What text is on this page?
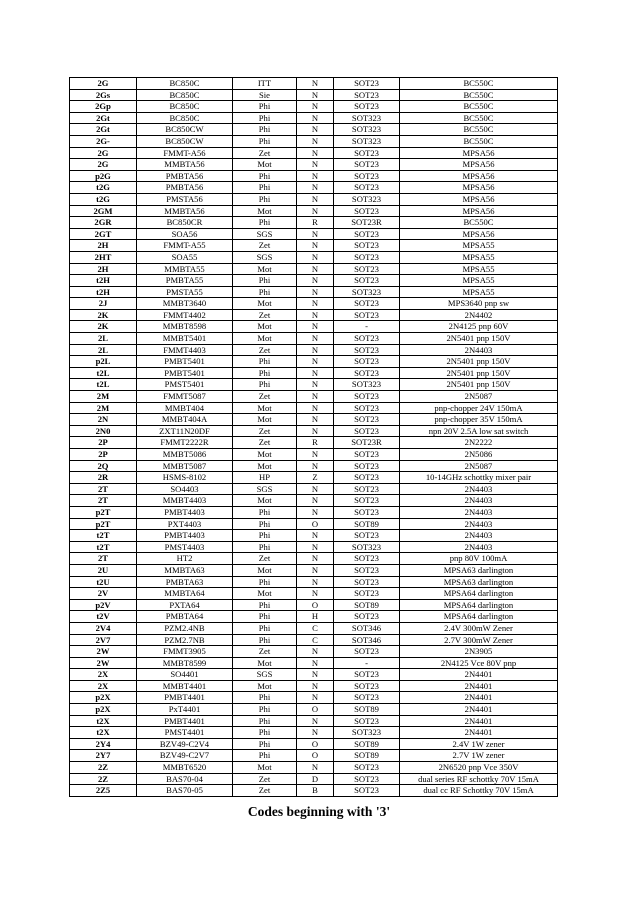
2G	BC850C	ITT	N	SOT23	BC550C
2Gs	BC850C	Sie	N	SOT23	BC550C
2Gp	BC850C	Phi	N	SOT23	BC550C
2Gt	BC850C	Phi	N	SOT323	BC550C
2Gt	BC850CW	Phi	N	SOT323	BC550C
2G-	BC850CW	Phi	N	SOT323	BC550C
2G	FMMT-A56	Zet	N	SOT23	MPSA56
2G	MMBTA56	Mot	N	SOT23	MPSA56
p2G	PMBTA56	Phi	N	SOT23	MPSA56
t2G	PMBTA56	Phi	N	SOT23	MPSA56
t2G	PMSTA56	Phi	N	SOT323	MPSA56
2GM	MMBTA56	Mot	N	SOT23	MPSA56
2GR	BC850CR	Phi	R	SOT23R	BC550C
2GT	SOA56	SGS	N	SOT23	MPSA56
2H	FMMT-A55	Zet	N	SOT23	MPSA55
2HT	SOA55	SGS	N	SOT23	MPSA55
2H	MMBTA55	Mot	N	SOT23	MPSA55
t2H	PMBTA55	Phi	N	SOT23	MPSA55
t2H	PMSTA55	Phi	N	SOT323	MPSA55
2J	MMBT3640	Mot	N	SOT23	MPS3640 pnp sw
2K	FMMT4402	Zet	N	SOT23	2N4402
2K	MMBT8598	Mot	N	-	2N4125 pnp 60V
2L	MMBT5401	Mot	N	SOT23	2N5401 pnp 150V
2L	FMMT4403	Zet	N	SOT23	2N4403
p2L	PMBT5401	Phi	N	SOT23	2N5401 pnp 150V
t2L	PMBT5401	Phi	N	SOT23	2N5401 pnp 150V
t2L	PMST5401	Phi	N	SOT323	2N5401 pnp 150V
2M	FMMT5087	Zet	N	SOT23	2N5087
2M	MMBT404	Mot	N	SOT23	pnp-chopper 24V 150mA
2N	MMBT404A	Mot	N	SOT23	pnp-chopper 35V 150mA
2N0	ZXT11N20DF	Zet	N	SOT23	npn 20V 2.5A low sat switch
2P	FMMT2222R	Zet	R	SOT23R	2N2222
2P	MMBT5086	Mot	N	SOT23	2N5086
2Q	MMBT5087	Mot	N	SOT23	2N5087
2R	HSMS-8102	HP	Z	SOT23	10-14GHz schottky mixer pair
2T	SO4403	SGS	N	SOT23	2N4403
2T	MMBT4403	Mot	N	SOT23	2N4403
p2T	PMBT4403	Phi	N	SOT23	2N4403
p2T	PXT4403	Phi	O	SOT89	2N4403
t2T	PMBT4403	Phi	N	SOT23	2N4403
t2T	PMST4403	Phi	N	SOT323	2N4403
2T	HT2	Zet	N	SOT23	pnp 80V 100mA
2U	MMBTA63	Mot	N	SOT23	MPSA63 darlington
t2U	PMBTA63	Phi	N	SOT23	MPSA63 darlington
2V	MMBTA64	Mot	N	SOT23	MPSA64 darlington
p2V	PXTA64	Phi	O	SOT89	MPSA64 darlington
t2V	PMBTA64	Phi	H	SOT23	MPSA64 darlington
2V4	PZM2.4NB	Phi	C	SOT346	2.4V 300mW Zener
2V7	PZM2.7NB	Phi	C	SOT346	2.7V 300mW Zener
2W	FMMT3905	Zet	N	SOT23	2N3905
2W	MMBT8599	Mot	N	-	2N4125 Vce 80V pnp
2X	SO4401	SGS	N	SOT23	2N4401
2X	MMBT4401	Mot	N	SOT23	2N4401
p2X	PMBT4401	Phi	N	SOT23	2N4401
p2X	PxT4401	Phi	O	SOT89	2N4401
t2X	PMBT4401	Phi	N	SOT23	2N4401
t2X	PMST4401	Phi	N	SOT323	2N4401
2Y4	BZV49-C2V4	Phi	O	SOT89	2.4V 1W zener
2Y7	BZV49-C2V7	Phi	O	SOT89	2.7V 1W zener
2Z	MMBT6520	Mot	N	SOT23	2N6520 pnp Vce 350V
2Z	BAS70-04	Zet	D	SOT23	dual series RF schottky 70V 15mA
2Z5	BAS70-05	Zet	B	SOT23	dual cc RF Schottky 70V 15mA
Codes beginning with '3'
